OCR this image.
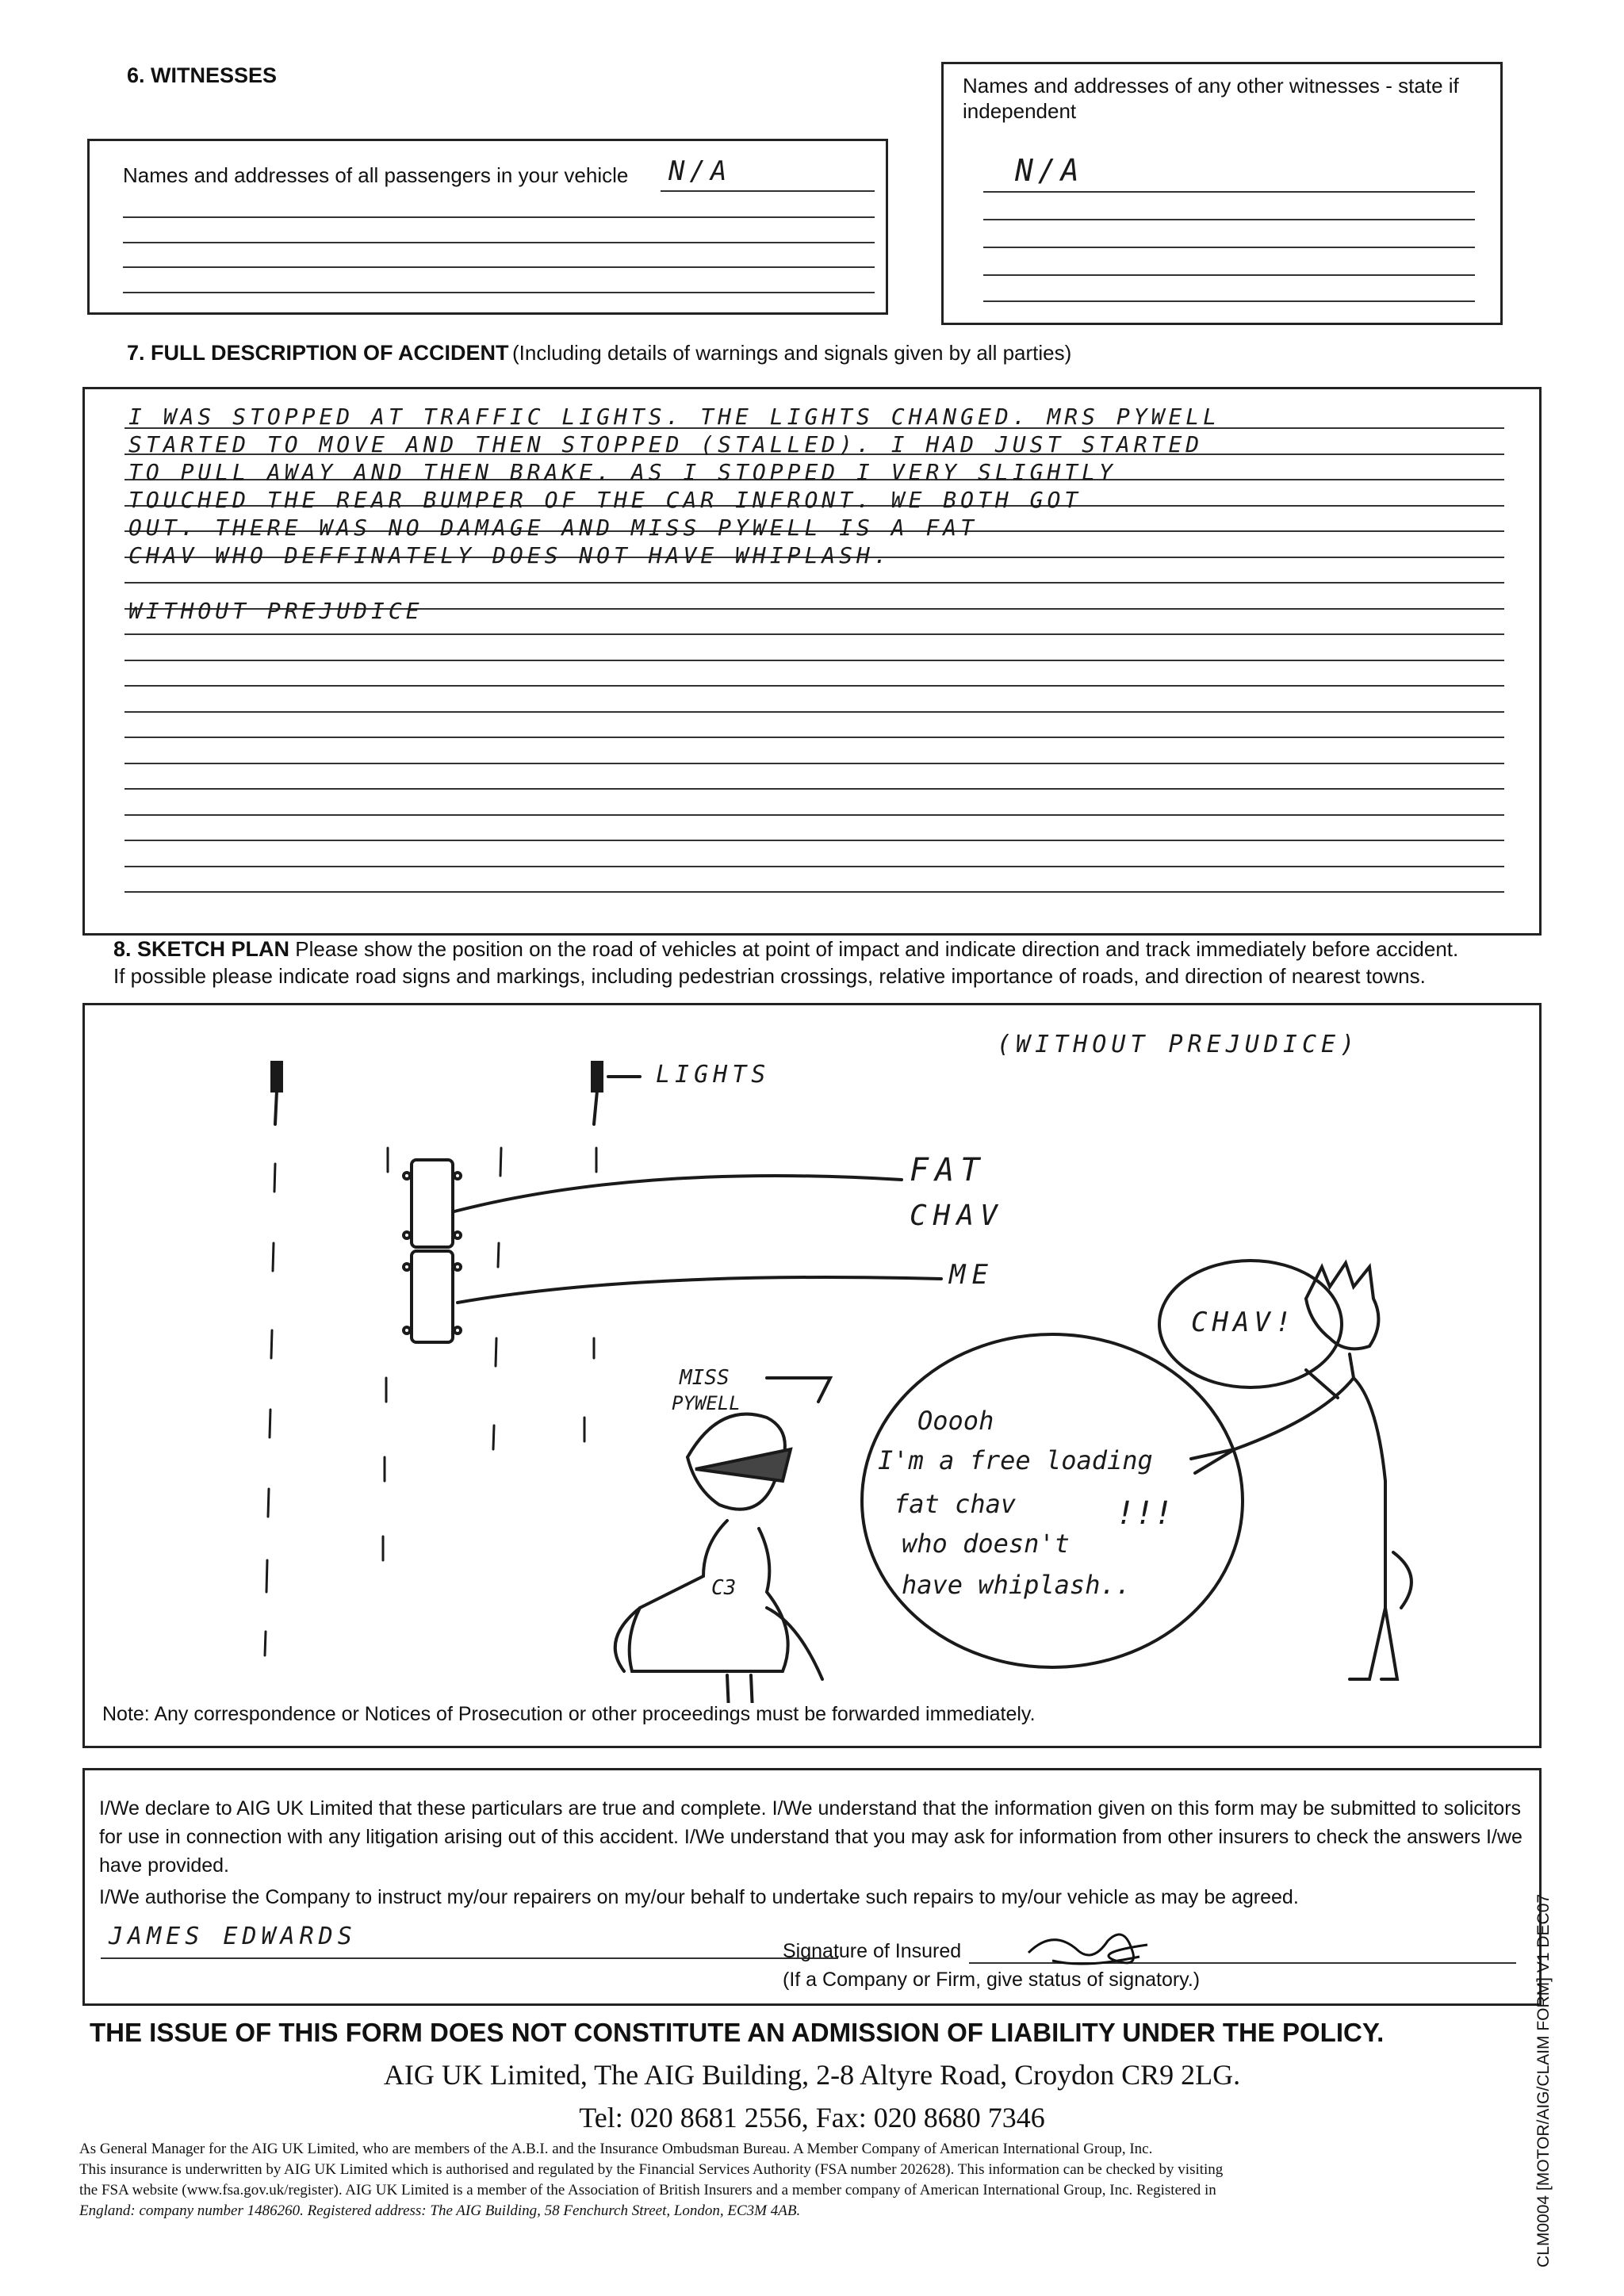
6. WITNESSES
Names and addresses of all passengers in your vehicle N/A
Names and addresses of any other witnesses - state if
independent
N/A
7. FULL DESCRIPTION OF ACCIDENT (Including details of warnings and signals given by all parties)
I WAS STOPPED AT TRAFFIC LIGHTS. THE LIGHTS CHANGED. MRS PYWELL
STARTED TO MOVE AND THEN STOPPED (STALLED). I HAD JUST STARTED
TO PULL AWAY AND THEN BRAKE. AS I STOPPED I VERY SLIGHTLY
TOUCHED THE REAR BUMPER OF THE CAR INFRONT. WE BOTH GOT
OUT. THERE WAS NO DAMAGE AND MISS PYWELL IS A FAT
CHAV WHO DEFFINATELY DOES NOT HAVE WHIPLASH.
WITHOUT PREJUDICE
8. SKETCH PLAN Please show the position on the road of vehicles at point of impact and indicate direction and track immediately before accident.
If possible please indicate road signs and markings, including pedestrian crossings, relative importance of roads, and direction of nearest towns.
(WITHOUT PREJUDICE)
LIGHTS
FAT
CHAV
ME
CHAV!
MISS
PYWELL
Ooooh
I'm a free loading
fat chav
who doesn't
have whiplash..
!!!
C3
Note: Any correspondence or Notices of Prosecution or other proceedings must be forwarded immediately.
I/We declare to AIG UK Limited that these particulars are true and complete. I/We understand that the information given on this form may be submitted to solicitors for use in connection with any litigation arising out of this accident. I/We understand that you may ask for information from other insurers to check the answers I/we have provided.
I/We authorise the Company to instruct my/our repairers on my/our behalf to undertake such repairs to my/our vehicle as may be agreed.
JAMES EDWARDS
Signature of Insured
(If a Company or Firm, give status of signatory.)
THE ISSUE OF THIS FORM DOES NOT CONSTITUTE AN ADMISSION OF LIABILITY UNDER THE POLICY.
AIG UK Limited, The AIG Building, 2-8 Altyre Road, Croydon CR9 2LG.
Tel: 020 8681 2556, Fax: 020 8680 7346
As General Manager for the AIG UK Limited, who are members of the A.B.I. and the Insurance Ombudsman Bureau. A Member Company of American International Group, Inc.
This insurance is underwritten by AIG UK Limited which is authorised and regulated by the Financial Services Authority (FSA number 202628). This information can be checked by visiting
the FSA website (www.fsa.gov.uk/register). AIG UK Limited is a member of the Association of British Insurers and a member company of American International Group, Inc. Registered in
England: company number 1486260. Registered address: The AIG Building, 58 Fenchurch Street, London, EC3M 4AB.	CLM0004 [MOTOR/AIG/CLAIM FORM] V1 DEC07
